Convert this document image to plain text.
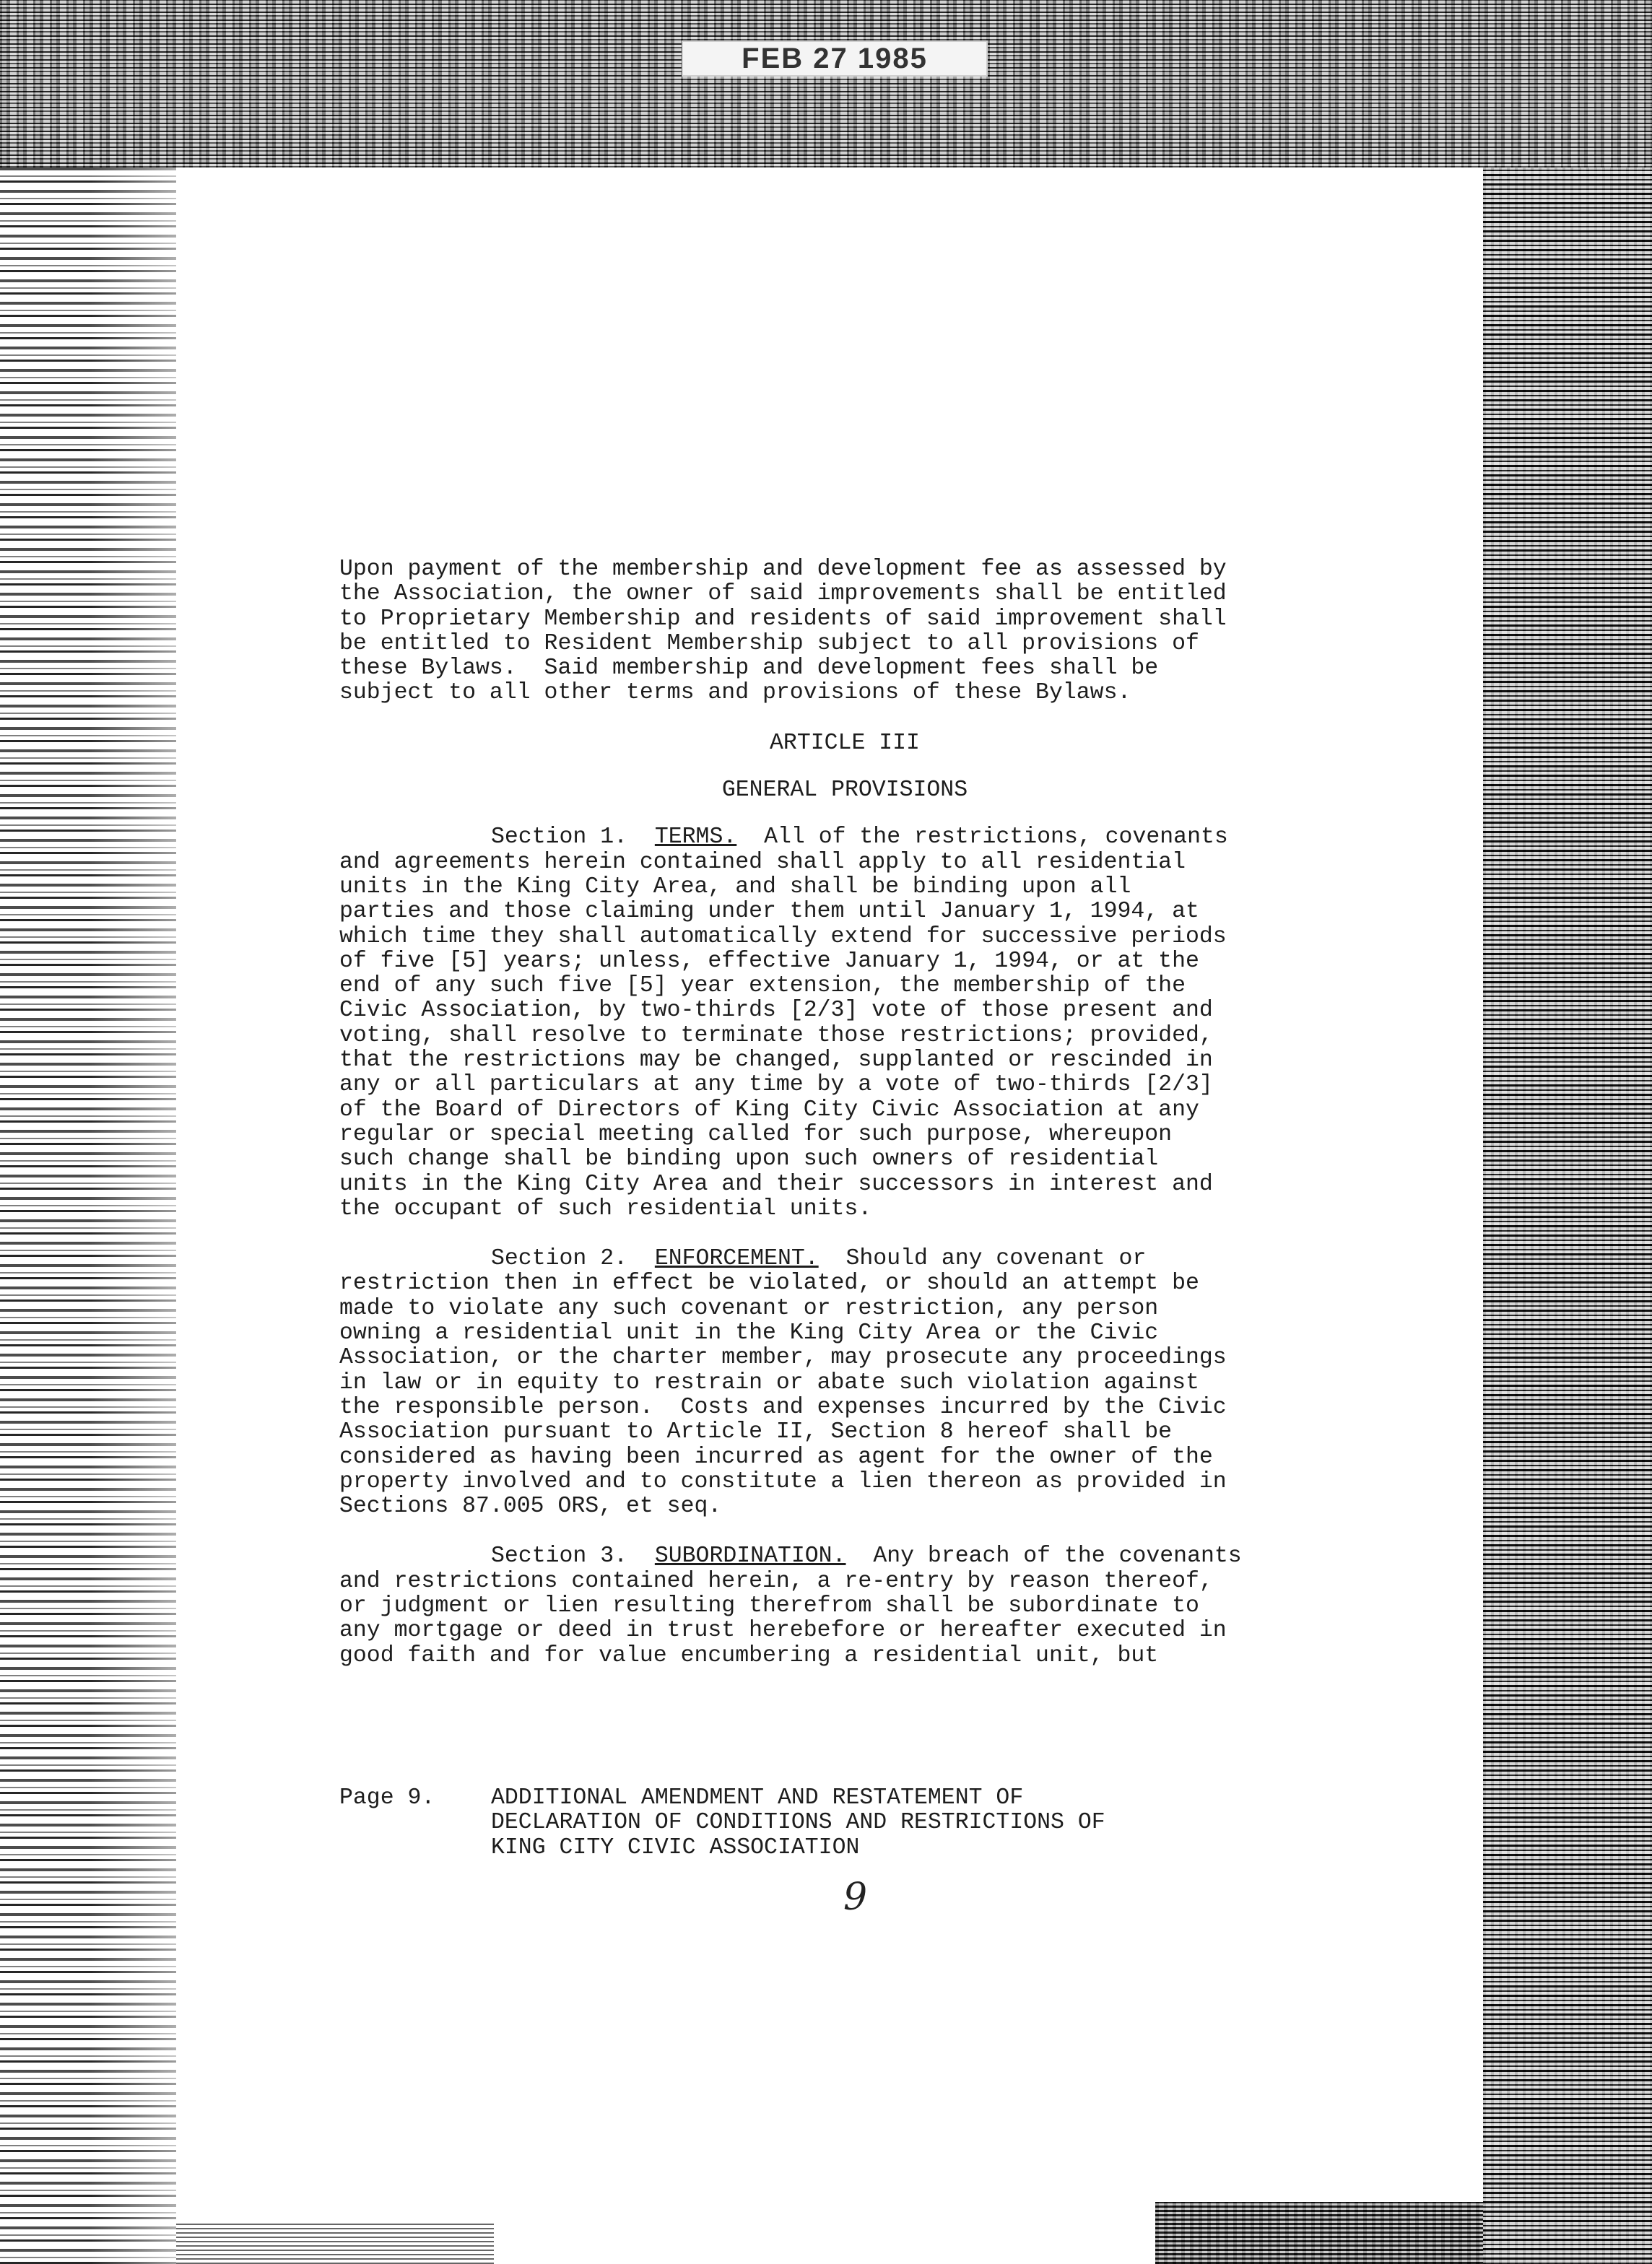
FEB 27 1985

Upon payment of the membership and development fee as assessed by
the Association, the owner of said improvements shall be entitled
to Proprietary Membership and residents of said improvement shall
be entitled to Resident Membership subject to all provisions of
these Bylaws.  Said membership and development fees shall be
subject to all other terms and provisions of these Bylaws.

ARTICLE III

GENERAL PROVISIONS

Section 1. TERMS. All of the restrictions, covenants
and agreements herein contained shall apply to all residential
units in the King City Area, and shall be binding upon all
parties and those claiming under them until January 1, 1994, at
which time they shall automatically extend for successive periods
of five [5] years; unless, effective January 1, 1994, or at the
end of any such five [5] year extension, the membership of the
Civic Association, by two-thirds [2/3] vote of those present and
voting, shall resolve to terminate those restrictions; provided,
that the restrictions may be changed, supplanted or rescinded in
any or all particulars at any time by a vote of two-thirds [2/3]
of the Board of Directors of King City Civic Association at any
regular or special meeting called for such purpose, whereupon
such change shall be binding upon such owners of residential
units in the King City Area and their successors in interest and
the occupant of such residential units.

Section 2. ENFORCEMENT. Should any covenant or
restriction then in effect be violated, or should an attempt be
made to violate any such covenant or restriction, any person
owning a residential unit in the King City Area or the Civic
Association, or the charter member, may prosecute any proceedings
in law or in equity to restrain or abate such violation against
the responsible person.  Costs and expenses incurred by the Civic
Association pursuant to Article II, Section 8 hereof shall be
considered as having been incurred as agent for the owner of the
property involved and to constitute a lien thereon as provided in
Sections 87.005 ORS, et seq.

Section 3. SUBORDINATION. Any breach of the covenants
and restrictions contained herein, a re-entry by reason thereof,
or judgment or lien resulting therefrom shall be subordinate to
any mortgage or deed in trust herebefore or hereafter executed in
good faith and for value encumbering a residential unit, but

Page 9.	ADDITIONAL AMENDMENT AND RESTATEMENT OF
DECLARATION OF CONDITIONS AND RESTRICTIONS OF
KING CITY CIVIC ASSOCIATION
9
